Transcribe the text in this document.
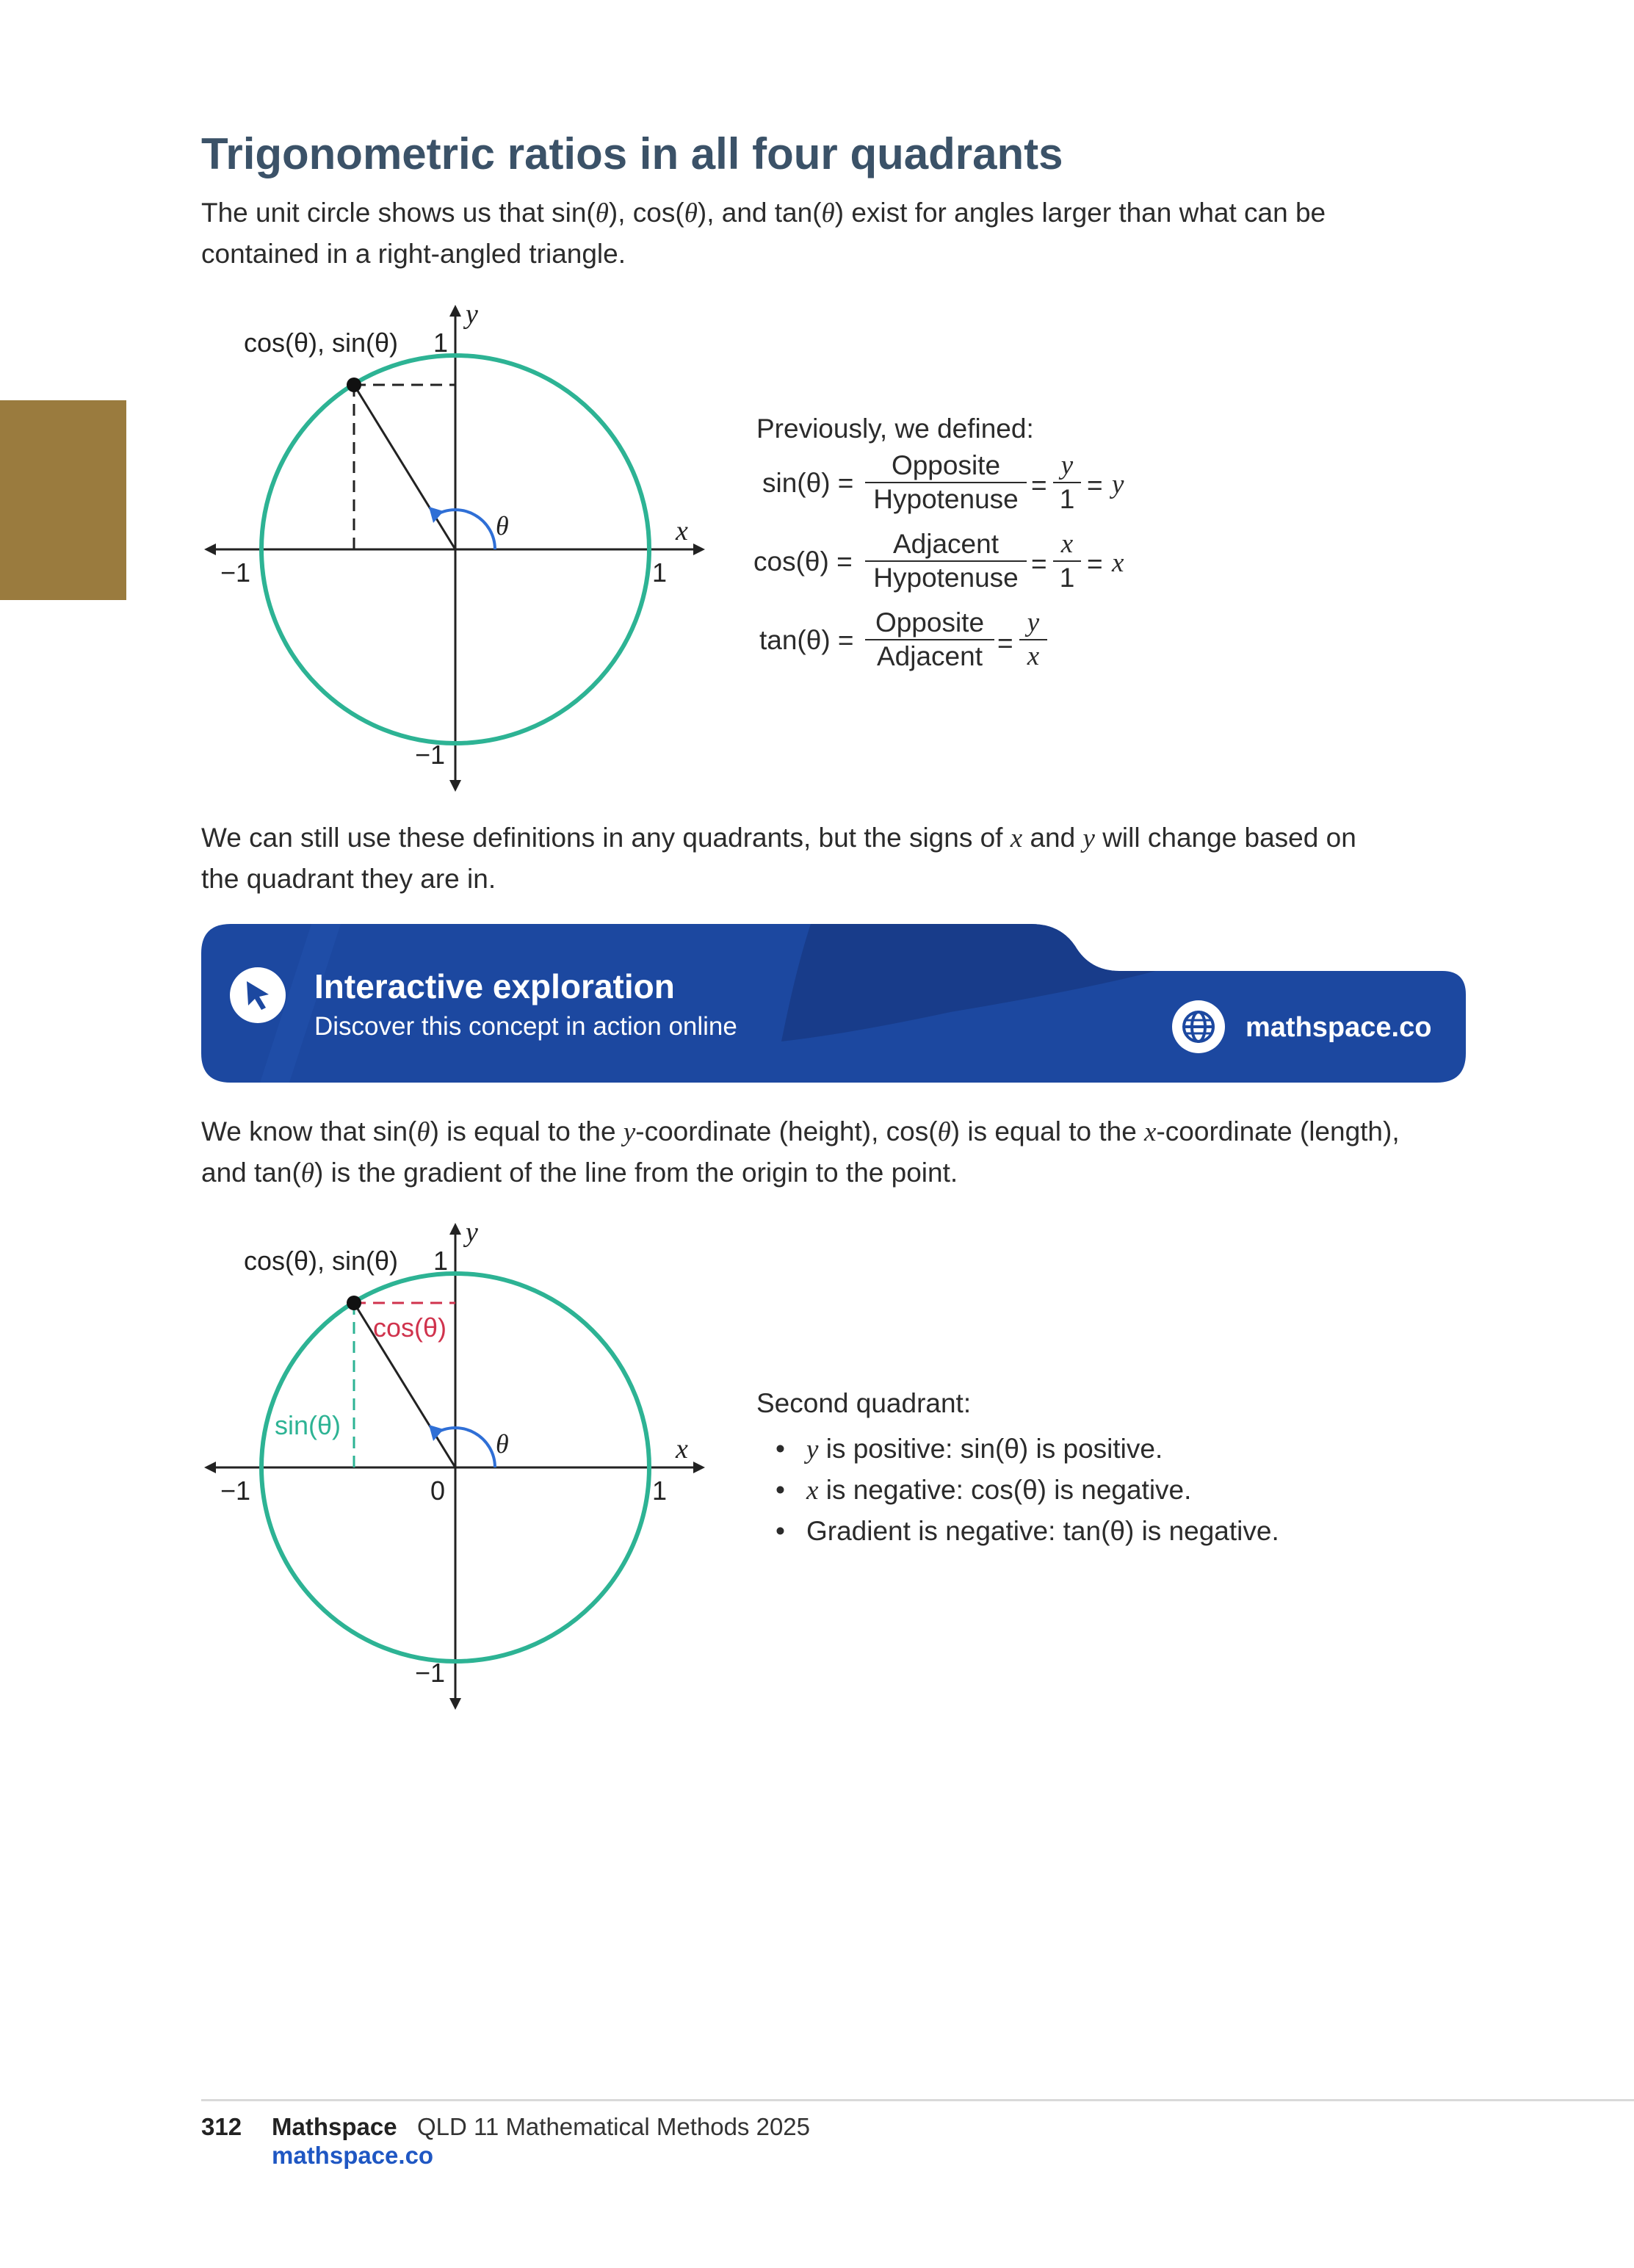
Trigonometric ratios in all four quadrants
The unit circle shows us that sin(θ), cos(θ), and tan(θ) exist for angles larger than what can be
contained in a right-angled triangle.
cos(θ), sin(θ)
y
1
x
−1	1
−1
θ
Previously, we defined:
sin(θ) =
Opposite
Hypotenuse = $\frac{y}{1} = y$
cos(θ) =
Adjacent
Hypotenuse = $\frac{x}{1} = x$
tan(θ) =
Opposite
Adjacent = $\frac{y}{x}$
We can still use these definitions in any quadrants, but the signs of x and y will change based on
the quadrant they are in.
Interactive exploration
Discover this concept in action online	mathspace.co
We know that sin(θ) is equal to the y-coordinate (height), cos(θ) is equal to the x-coordinate (length),
and tan(θ) is the gradient of the line from the origin to the point.
cos(θ), sin(θ)
y
1
cos(θ)
sin(θ)
x
−1	0	1
−1
θ
Second quadrant:
• y is positive: sin(θ) is positive.
• x is negative: cos(θ) is negative.
• Gradient is negative: tan(θ) is negative.
312 Mathspace QLD 11 Mathematical Methods 2025
mathspace.co
